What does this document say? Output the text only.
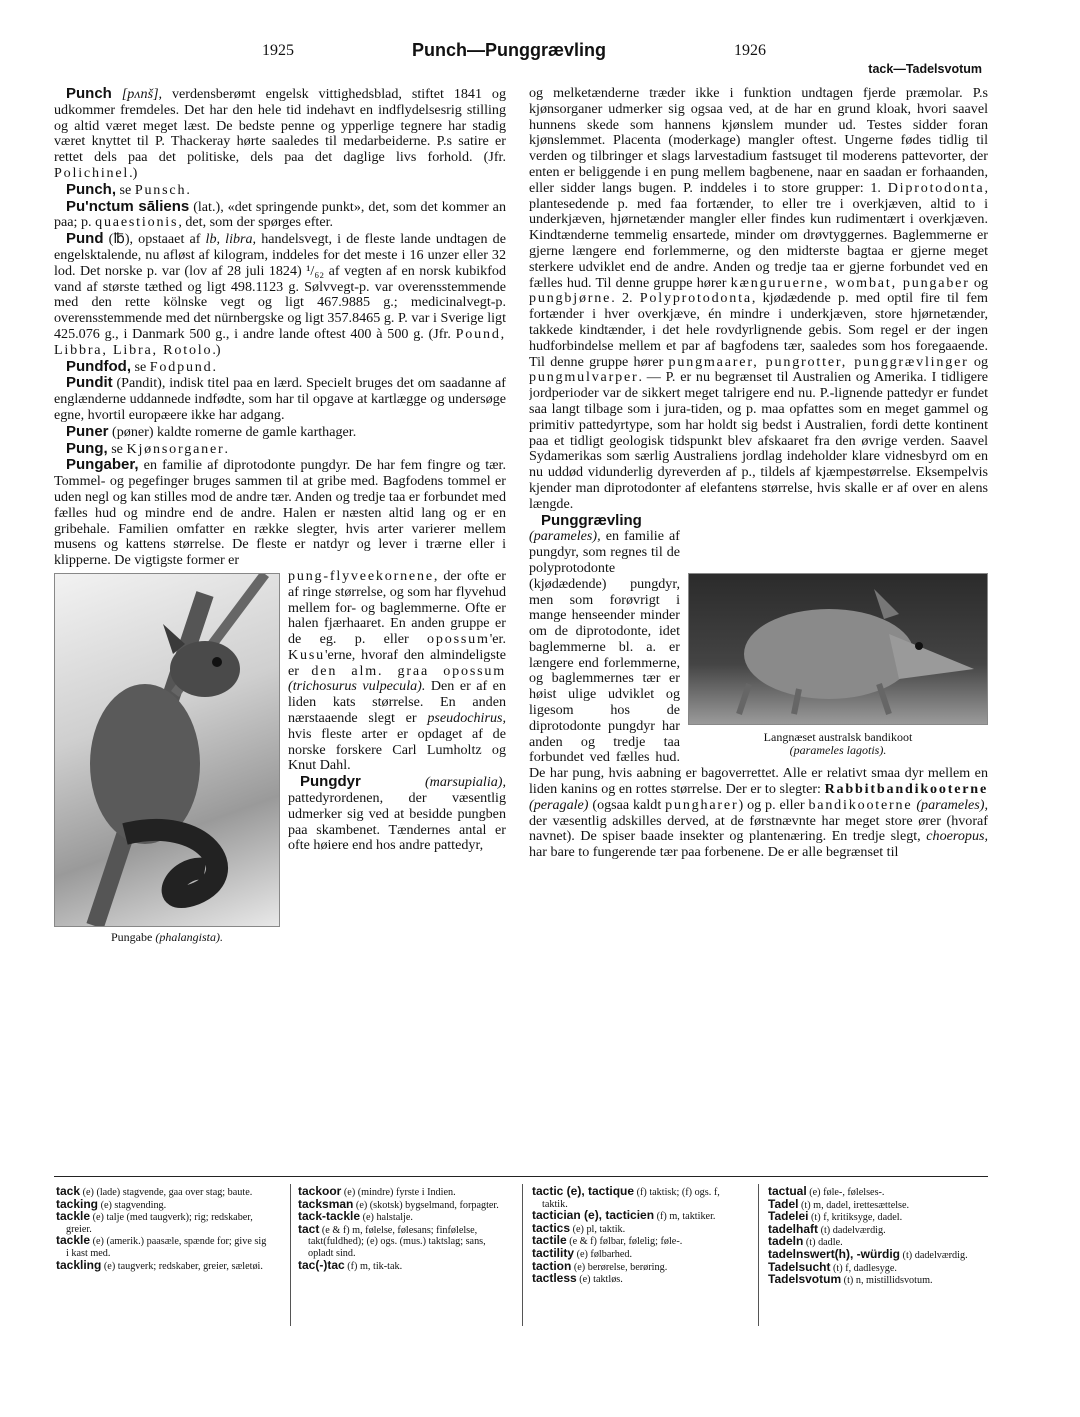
1925	Punch—Punggrævling	1926
tack—Tadelsvotum

Punch [pʌnš], verdensberømt engelsk vittighedsblad, stiftet 1841 og udkommer fremdeles. Det har den hele tid indehavt en indflydelsesrig stilling og altid været meget læst. De bedste penne og ypperlige tegnere har stadig været knyttet til P. Thackeray hørte saaledes til medarbeiderne. P.s satire er rettet dels paa det politiske, dels paa det daglige livs forhold. (Jfr. Polichinel.)

Punch, se Punsch.

Pu'nctum sāliens (lat.), «det springende punkt», det, som det kommer an paa; p. quaestionis, det, som der spørges efter.

Pund (℔), opstaaet af lb, libra, handelsvegt, i de fleste lande undtagen de engelsktalende, nu afløst af kilogram, inddeles for det meste i 16 unzer eller 32 lod. Det norske p. var (lov af 28 juli 1824) ¹/₆₂ af vegten af en norsk kubikfod vand af største tæthed og ligt 498.1123 g. Sølvvegt-p. var overensstemmende med den rette kölnske vegt og ligt 467.9885 g.; medicinalvegt-p. overensstemmende med det nürnbergske og ligt 357.8465 g. P. var i Sverige ligt 425.076 g., i Danmark 500 g., i andre lande oftest 400 à 500 g. (Jfr. Pound, Libbra, Libra, Rotolo.)

Pundfod, se Fodpund.

Pundit (Pandit), indisk titel paa en lærd. Specielt bruges det om saadanne af englænderne uddannede indfødte, som har til opgave at kartlægge og undersøge egne, hvortil europæere ikke har adgang.

Puner (pøner) kaldte romerne de gamle karthager.

Pung, se Kjønsorganer.

Pungaber, en familie af diprotodonte pungdyr. De har fem fingre og tær. Tommel- og pegefinger bruges sammen til at gribe med. Bagfodens tommel er uden negl og kan stilles mod de andre tær. Anden og tredje taa er forbundet med fælles hud og mindre end de andre. Halen er næsten altid lang og er en gribehale. Familien omfatter en række slegter, hvis arter varierer mellem musens og kattens størrelse. De fleste er natdyr og lever i trærne eller i klipperne. De vigtigste former er

Pungabe (phalangista).

pung-flyveekornene, der ofte er af ringe størrelse, og som har flyvehud mellem for- og baglemmerne. Ofte er halen fjærhaaret. En anden gruppe er de eg. p. eller opossum'er. Kusu'erne, hvoraf den almindeligste er den alm. graa opossum (trichosurus vulpecula). Den er af en liden kats størrelse. En anden nærstaaende slegt er pseudochirus, hvis fleste arter er opdaget af de norske forskere Carl Lumholtz og Knut Dahl.

Pungdyr (marsupialia), pattedyrordenen, der væsentlig udmerker sig ved at besidde pungben paa skambenet. Tændernes antal er ofte høiere end hos andre pattedyr,

og melketænderne træder ikke i funktion undtagen fjerde præmolar. P.s kjønsorganer udmerker sig ogsaa ved, at de har en grund kloak, hvori saavel hunnens skede som hannens kjønslem munder ud. Testes sidder foran kjønslemmet. Placenta (moderkage) mangler oftest. Ungerne fødes tidlig til verden og tilbringer et slags larvestadium fastsuget til moderens pattevorter, der enten er beliggende i en pung mellem bagbenene, naar en saadan er forhaanden, eller sidder langs bugen. P. inddeles i to store grupper: 1. Diprotodonta, plantesedende p. med faa fortænder, to eller tre i overkjæven, altid to i underkjæven, hjørnetænder mangler eller findes kun rudimentært i overkjæven. Kindtænderne temmelig ensartede, minder om drøvtyggernes. Baglemmerne er gjerne længere end forlemmerne, og den midterste bagtaa er gjerne meget sterkere udviklet end de andre. Anden og tredje taa er gjerne forbundet ved en fælles hud. Til denne gruppe hører kænguruerne, wombat, pungaber og pungbjørne. 2. Polyprotodonta, kjødædende p. med optil fire til fem fortænder i hver overkjæve, én mindre i underkjæven, store hjørnetænder, takkede kindtænder, i det hele rovdyrlignende gebis. Som regel er der ingen hudforbindelse mellem et par af bagfodens tær, saaledes som hos foregaaende. Til denne gruppe hører pungmaarer, pungrotter, punggrævlinger og pungmulvarper. — P. er nu begrænset til Australien og Amerika. I tidligere jordperioder var de sikkert meget talrigere end nu. P.-lignende pattedyr er fundet saa langt tilbage som i jura-tiden, og p. maa opfattes som en meget gammel og primitiv pattedyrtype, som har holdt sig bedst i Australien, fordi dette kontinent paa et tidligt geologisk tidspunkt blev afskaaret fra den øvrige verden. Saavel Sydamerikas som særlig Australiens jordlag indeholder klare vidnesbyrd om en nu uddød vidunderlig dyreverden af p., tildels af kjæmpestørrelse. Eksempelvis kjender man diprotodonter af elefantens størrelse, hvis skalle er af over en alens længde.

Langnæset australsk bandikoot
(parameles lagotis).

Punggrævling (parameles), en familie af pungdyr, som regnes til de polyprotodonte (kjødædende) pungdyr, men som forøvrigt i mange henseender minder om de diprotodonte, idet baglemmerne bl. a. er længere end forlemmerne, og baglemmernes tær er høist ulige udviklet og ligesom hos de diprotodonte pungdyr har anden og tredje taa forbundet ved fælles hud. De har pung, hvis aabning er bagoverrettet. Alle er relativt smaa dyr mellem en liden kanins og en rottes størrelse. Der er to slegter: Rabbitbandikooterne (peragale) (ogsaa kaldt pungharer) og p. eller bandikooterne (parameles), der væsentlig adskilles derved, at de førstnævnte har meget store ører (hvoraf navnet). De spiser baade insekter og plantenæring. En tredje slegt, choeropus, har bare to fungerende tær paa forbenene. De er alle begrænset til

tack (e) (lade) stagvende, gaa over stag; baute.

tacking (e) stagvending.

tackle (e) talje (med taugverk); rig; redskaber, greier.

tackle (e) (amerik.) paasæle, spænde for; give sig i kast med.

tackling (e) taugverk; redskaber, greier, sæletøi.

tackoor (e) (mindre) fyrste i Indien.

tacksman (e) (skotsk) bygselmand, forpagter.

tack-tackle (e) halstalje.

tact (e & f) m, følelse, følesans; finfølelse, takt(fuldhed); (e) ogs. (mus.) taktslag; sans, opladt sind.

tac(-)tac (f) m, tik-tak.

tactic (e), tactique (f) taktisk; (f) ogs. f, taktik.

tactician (e), tacticien (f) m, taktiker.

tactics (e) pl, taktik.

tactile (e & f) følbar, følelig; føle-.

tactility (e) følbarhed.

taction (e) berørelse, berøring.

tactless (e) taktløs.

tactual (e) føle-, følelses-.

Tadel (t) m, dadel, irettesættelse.

Tadelei (t) f, kritiksyge, dadel.

tadelhaft (t) dadelværdig.

tadeln (t) dadle.

tadelnswert(h), -würdig (t) dadelværdig.

Tadelsucht (t) f, dadlesyge.

Tadelsvotum (t) n, mistillidsvotum.
